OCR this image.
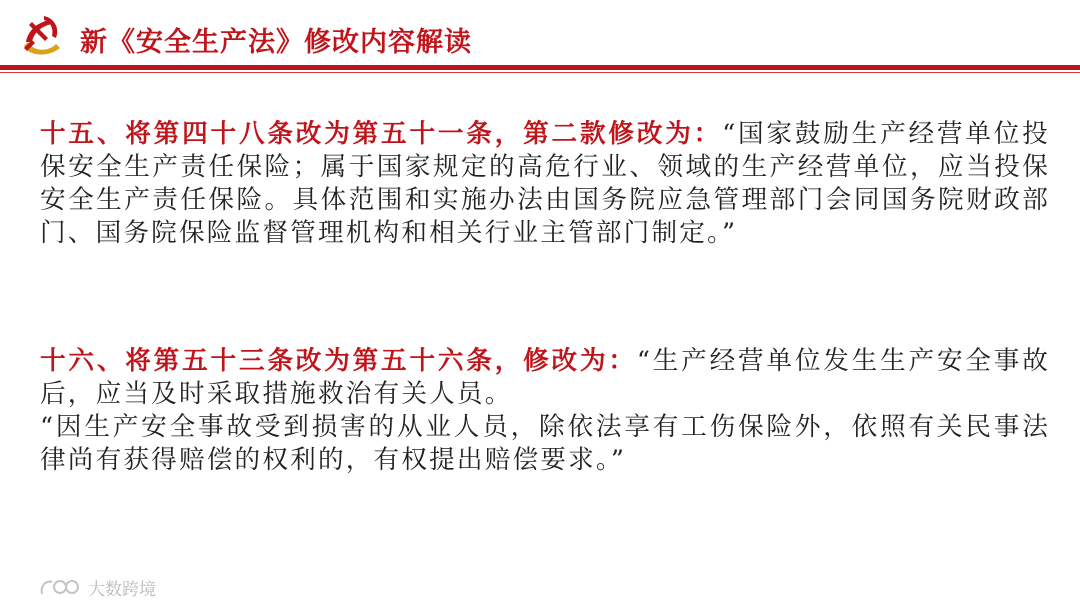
新《安全生产法》修改内容解读
十五、将第四十八条改为第五十一条，第二款修改为：“国家鼓励生产经营单位投保安全生产责任保险；属于国家规定的高危行业、领域的生产经营单位，应当投保安全生产责任保险。具体范围和实施办法由国务院应急管理部门会同国务院财政部门、国务院保险监督管理机构和相关行业主管部门制定。”
十六、将第五十三条改为第五十六条，修改为：“生产经营单位发生生产安全事故后，应当及时采取措施救治有关人员。
“因生产安全事故受到损害的从业人员，除依法享有工伤保险外，依照有关民事法律尚有获得赔偿的权利的，有权提出赔偿要求。”
大数跨境
